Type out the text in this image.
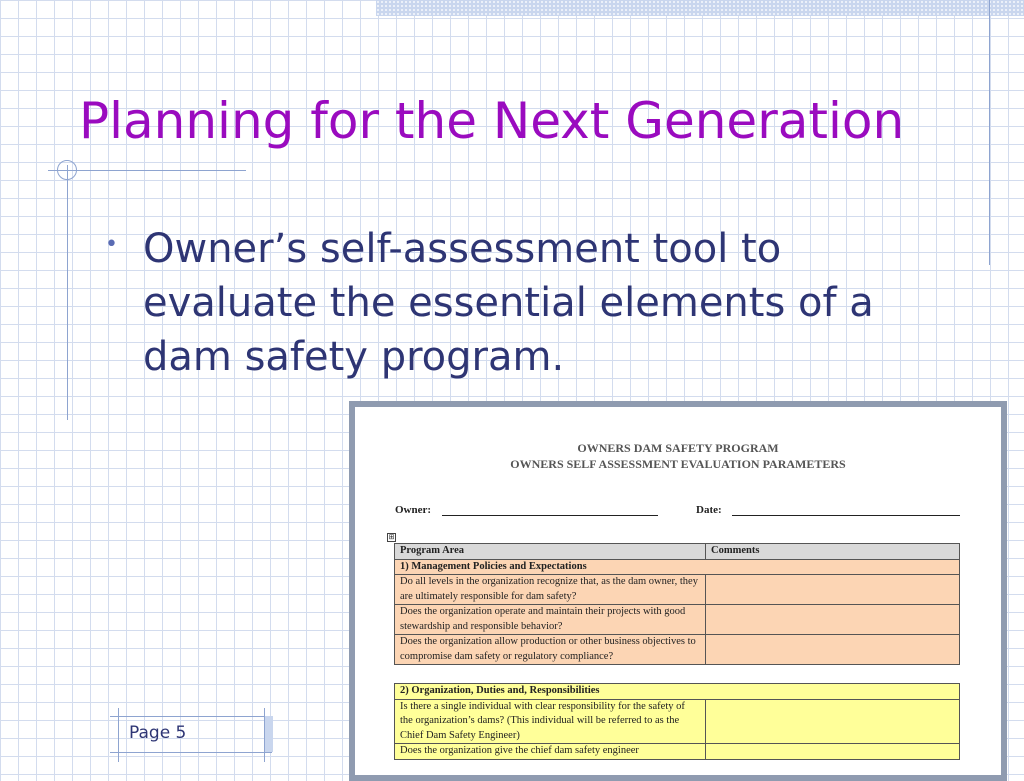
Planning for the Next Generation
• Owner’s self-assessment tool to evaluate the essential elements of a dam safety program.
OWNERS DAM SAFETY PROGRAM
OWNERS SELF ASSESSMENT EVALUATION PARAMETERS
Owner:	Date:
⊞
Program Area	Comments
1) Management Policies and Expectations	
Do all levels in the organization recognize that, as the dam owner, they are ultimately responsible for dam safety?	
Does the organization operate and maintain their projects with good stewardship and responsible behavior?	
Does the organization allow production or other business objectives to compromise dam safety or regulatory compliance?	
2) Organization, Duties and, Responsibilities	
Is there a single individual with clear responsibility for the safety of the organization’s dams? (This individual will be referred to as the Chief Dam Safety Engineer)	
Does the organization give the chief dam safety engineer	
Page 5
